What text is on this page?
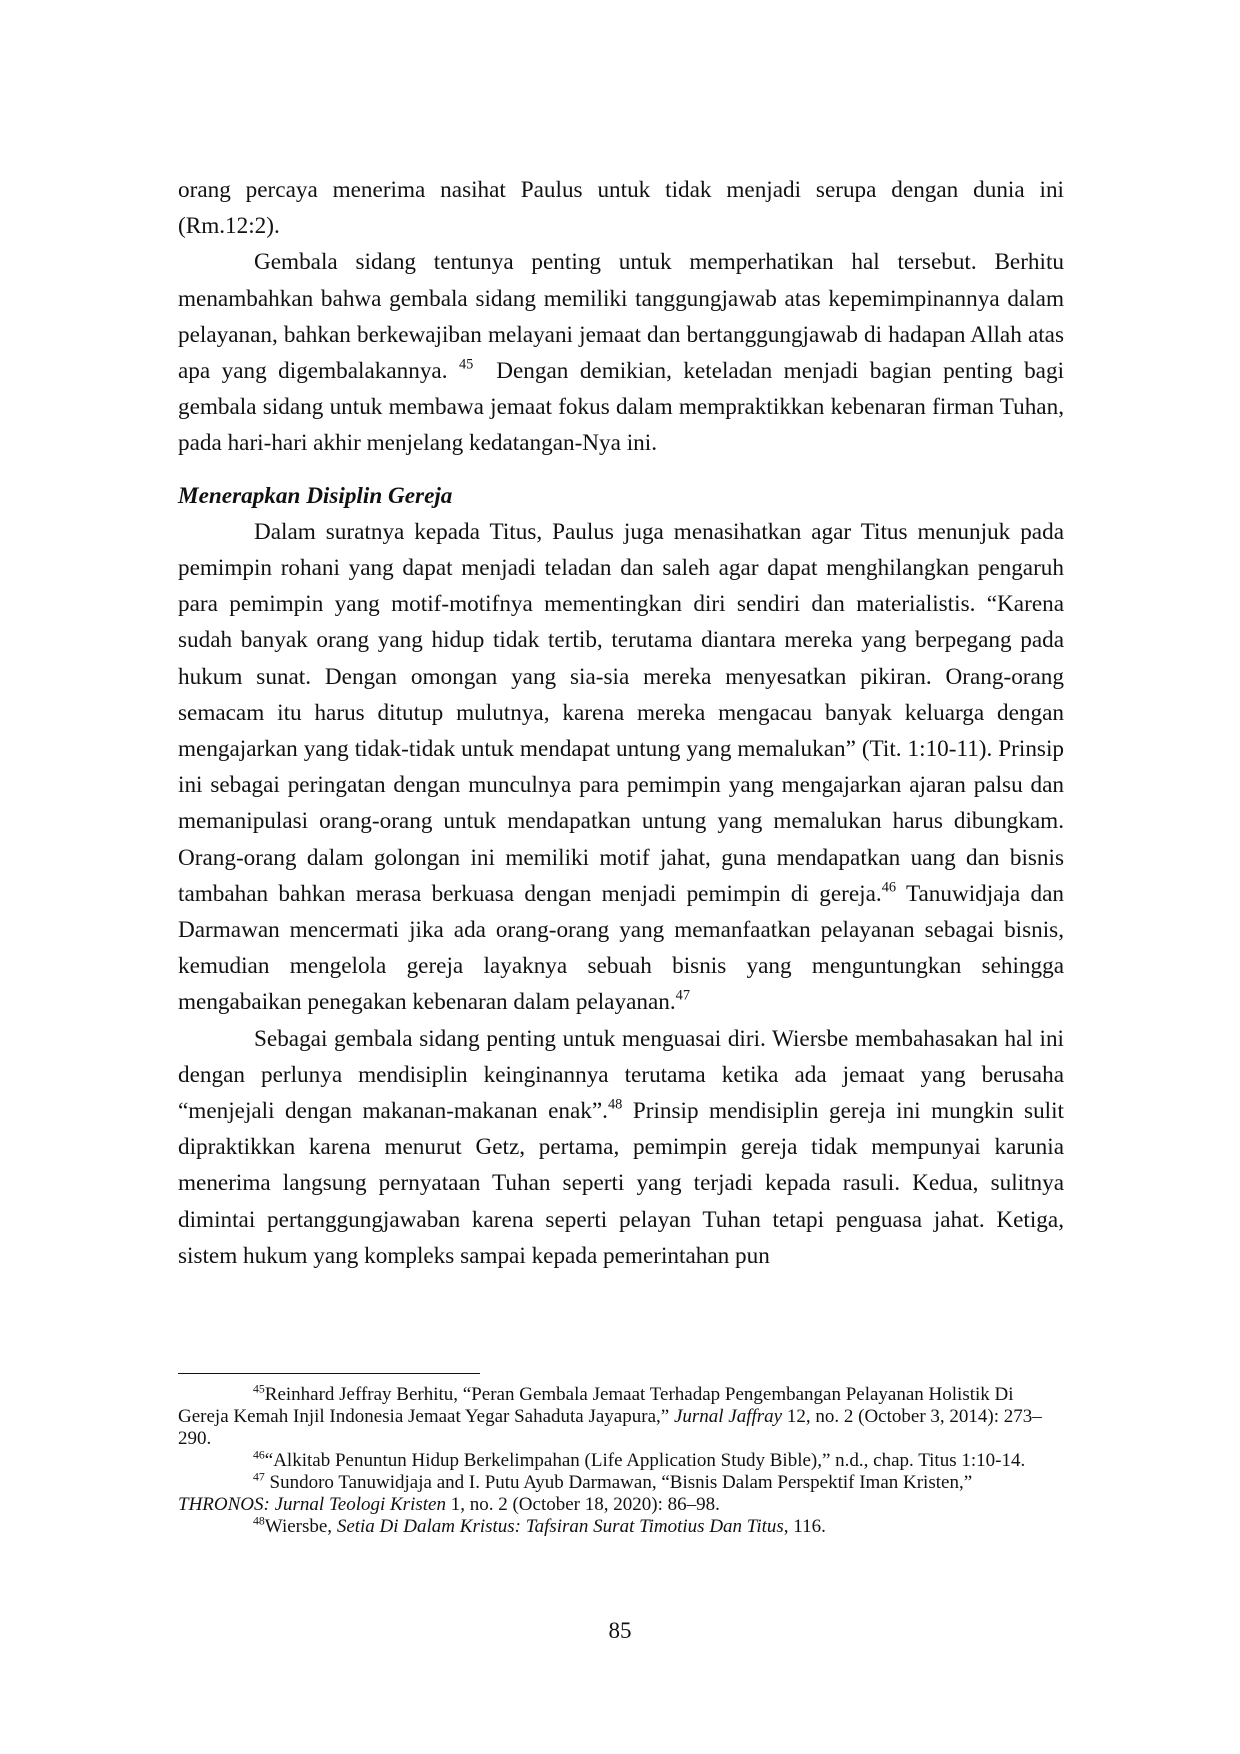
orang percaya menerima nasihat Paulus untuk tidak menjadi serupa dengan dunia ini (Rm.12:2).

Gembala sidang tentunya penting untuk memperhatikan hal tersebut. Berhitu menambahkan bahwa gembala sidang memiliki tanggungjawab atas kepemimpinannya dalam pelayanan, bahkan berkewajiban melayani jemaat dan bertanggungjawab di hadapan Allah atas apa yang digembalakannya. $^{45}$ Dengan demikian, keteladan menjadi bagian penting bagi gembala sidang untuk membawa jemaat fokus dalam mempraktikkan kebenaran firman Tuhan, pada hari-hari akhir menjelang kedatangan-Nya ini.

Menerapkan Disiplin Gereja

Dalam suratnya kepada Titus, Paulus juga menasihatkan agar Titus menunjuk pada pemimpin rohani yang dapat menjadi teladan dan saleh agar dapat menghilangkan pengaruh para pemimpin yang motif-motifnya mementingkan diri sendiri dan materialistis. “Karena sudah banyak orang yang hidup tidak tertib, terutama diantara mereka yang berpegang pada hukum sunat. Dengan omongan yang sia-sia mereka menyesatkan pikiran. Orang-orang semacam itu harus ditutup mulutnya, karena mereka mengacau banyak keluarga dengan mengajarkan yang tidak-tidak untuk mendapat untung yang memalukan” (Tit. 1:10-11). Prinsip ini sebagai peringatan dengan munculnya para pemimpin yang mengajarkan ajaran palsu dan memanipulasi orang-orang untuk mendapatkan untung yang memalukan harus dibungkam. Orang-orang dalam golongan ini memiliki motif jahat, guna mendapatkan uang dan bisnis tambahan bahkan merasa berkuasa dengan menjadi pemimpin di gereja.$^{46}$ Tanuwidjaja dan Darmawan mencermati jika ada orang-orang yang memanfaatkan pelayanan sebagai bisnis, kemudian mengelola gereja layaknya sebuah bisnis yang menguntungkan sehingga mengabaikan penegakan kebenaran dalam pelayanan.$^{47}$

Sebagai gembala sidang penting untuk menguasai diri. Wiersbe membahasakan hal ini dengan perlunya mendisiplin keinginannya terutama ketika ada jemaat yang berusaha “menjejali dengan makanan-makanan enak”.$^{48}$ Prinsip mendisiplin gereja ini mungkin sulit dipraktikkan karena menurut Getz, pertama, pemimpin gereja tidak mempunyai karunia menerima langsung pernyataan Tuhan seperti yang terjadi kepada rasuli. Kedua, sulitnya dimintai pertanggungjawaban karena seperti pelayan Tuhan tetapi penguasa jahat. Ketiga, sistem hukum yang kompleks sampai kepada pemerintahan pun

$^{45}$Reinhard Jeffray Berhitu, “Peran Gembala Jemaat Terhadap Pengembangan Pelayanan Holistik Di Gereja Kemah Injil Indonesia Jemaat Yegar Sahaduta Jayapura,” Jurnal Jaffray 12, no. 2 (October 3, 2014): 273–290.

$^{46}$“Alkitab Penuntun Hidup Berkelimpahan (Life Application Study Bible),” n.d., chap. Titus 1:10-14.

$^{47}$ Sundoro Tanuwidjaja and I. Putu Ayub Darmawan, “Bisnis Dalam Perspektif Iman Kristen,” THRONOS: Jurnal Teologi Kristen 1, no. 2 (October 18, 2020): 86–98.

$^{48}$Wiersbe, Setia Di Dalam Kristus: Tafsiran Surat Timotius Dan Titus, 116.

85
